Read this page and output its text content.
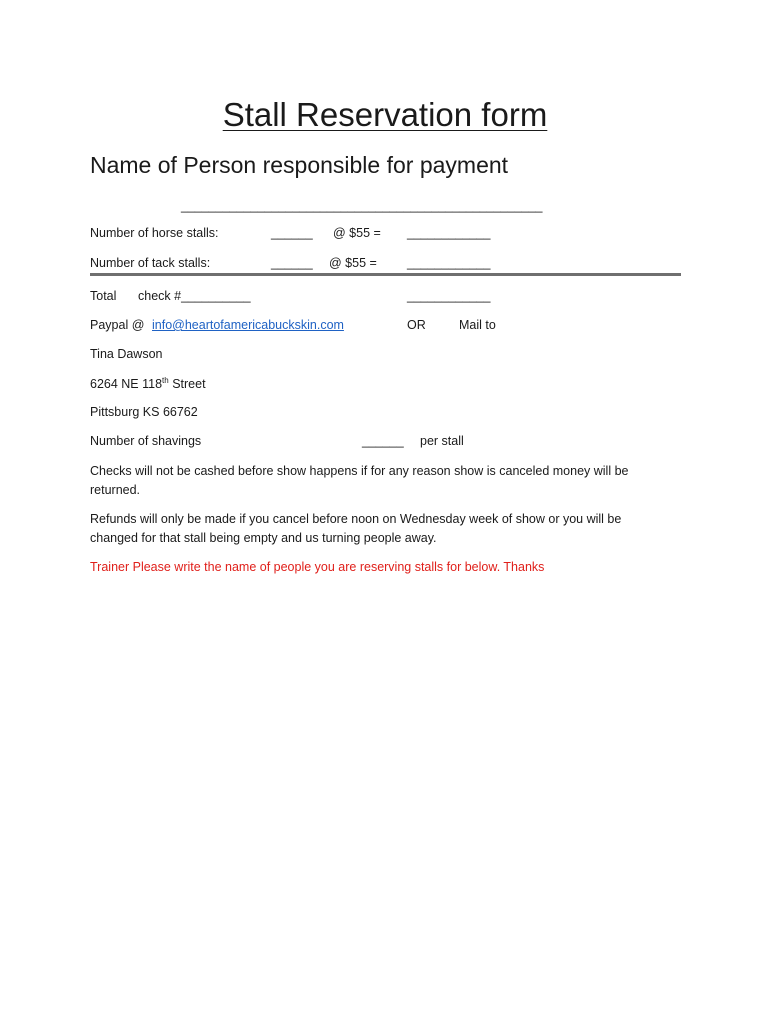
Stall Reservation form
Name of Person responsible for payment
____________________________________________________
Number of horse stalls:	______ @ $55 = ____________
Number of tack stalls:	______ @ $55 = ____________
Total check #__________	____________
Paypal @ info@heartofamericabuckskin.com	OR	Mail to
Tina Dawson
6264 NE 118th Street
Pittsburg KS 66762
Number of shavings	______ per stall
Checks will not be cashed before show happens if for any reason show is canceled money will be returned.
Refunds will only be made if you cancel before noon on Wednesday week of show or you will be changed for that stall being empty and us turning people away.
Trainer Please write the name of people you are reserving stalls for below. Thanks
